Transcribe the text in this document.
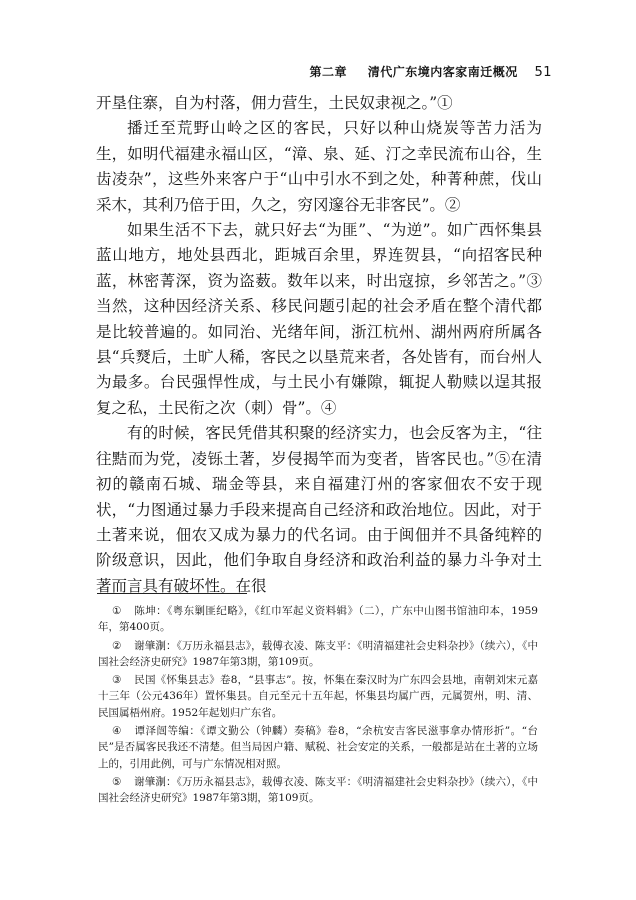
第二章 清代广东境内客家南迁概况 51

开垦住寨，自为村落，佣力营生，土民奴隶视之。”①

播迁至荒野山岭之区的客民，只好以种山烧炭等苦力活为生，如明代福建永福山区，“漳、泉、延、汀之幸民流布山谷，生齿凌杂”，这些外来客户于“山中引水不到之处，种菁种蔗，伐山采木，其利乃倍于田，久之，穷冈邃谷无非客民”。②

如果生活不下去，就只好去“为匪”、“为逆”。如广西怀集县蓝山地方，地处县西北，距城百余里，界连贺县，“向招客民种蓝，林密菁深，资为盗薮。数年以来，时出寇掠，乡邻苦之。”③当然，这种因经济关系、移民问题引起的社会矛盾在整个清代都是比较普遍的。如同治、光绪年间，浙江杭州、湖州两府所属各县“兵燹后，土旷人稀，客民之以垦荒来者，各处皆有，而台州人为最多。台民强悍性成，与土民小有嫌隙，辄捉人勒赎以逞其报复之私，土民衔之次（刺）骨”。④

有的时候，客民凭借其积聚的经济实力，也会反客为主，“往往黠而为党，凌铄土著，岁侵揭竿而为变者，皆客民也。”⑤在清初的赣南石城、瑞金等县，来自福建汀州的客家佃农不安于现状，“力图通过暴力手段来提高自己经济和政治地位。因此，对于土著来说，佃农又成为暴力的代名词。由于闽佃并不具备纯粹的阶级意识，因此，他们争取自身经济和政治利益的暴力斗争对土著而言具有破坏性。在很

① 陈坤：《粤东剿匪纪略》，《红巾军起义资料辑》（二），广东中山图书馆油印本，1959年，第400页。

② 谢肇淛：《万历永福县志》，载傅衣凌、陈支平：《明清福建社会史料杂抄》（续六），《中国社会经济史研究》1987年第3期，第109页。

③ 民国《怀集县志》卷8，“县事志”。按，怀集在秦汉时为广东四会县地，南朝刘宋元嘉十三年（公元436年）置怀集县。自元至元十五年起，怀集县均属广西，元属贺州，明、清、民国属梧州府。1952年起划归广东省。

④ 谭泽闿等编：《谭文勤公（钟麟）奏稿》卷8，“余杭安吉客民滋事拿办情形折”。“台民”是否属客民我还不清楚。但当局因户籍、赋税、社会安定的关系，一般都是站在土著的立场上的，引用此例，可与广东情况相对照。

⑤ 谢肇淛：《万历永福县志》，载傅衣凌、陈支平：《明清福建社会史料杂抄》（续六），《中国社会经济史研究》1987年第3期，第109页。
